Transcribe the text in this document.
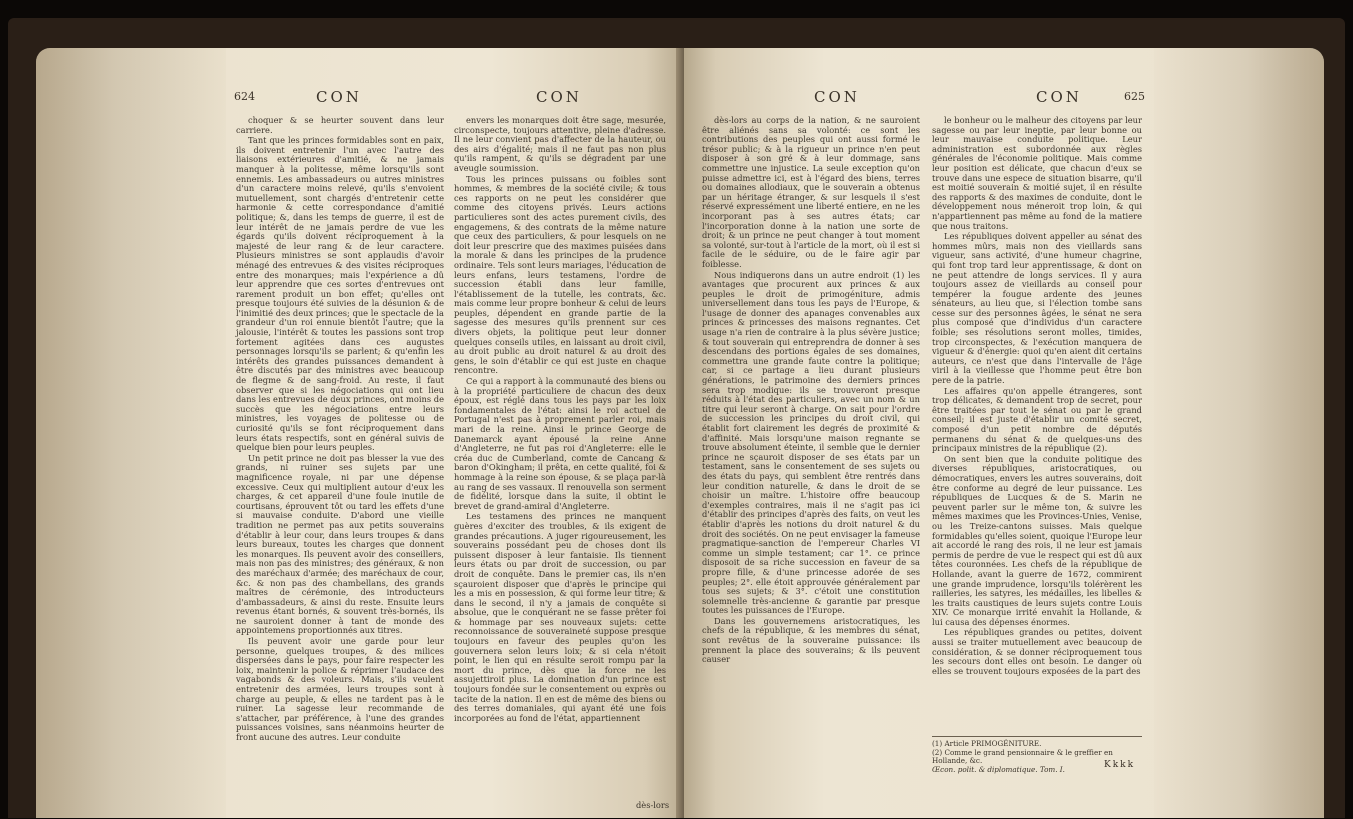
624	CON	CON

choquer & se heurter souvent dans leur carriere.

Tant que les princes formidables sont en paix, ils doivent entretenir l'un avec l'autre des liaisons extérieures d'amitié, & ne jamais manquer à la politesse, même lorsqu'ils sont ennemis. Les ambassadeurs ou autres ministres d'un caractere moins relevé, qu'ils s'envoient mutuellement, sont chargés d'entretenir cette harmonie & cette correspondance d'amitié politique; &, dans les temps de guerre, il est de leur intérêt de ne jamais perdre de vue les égards qu'ils doivent réciproquement à la majesté de leur rang & de leur caractere. Plusieurs ministres se sont applaudis d'avoir ménagé des entrevues & des visites réciproques entre des monarques; mais l'expérience a dû leur apprendre que ces sortes d'entrevues ont rarement produit un bon effet; qu'elles ont presque toujours été suivies de la désunion & de l'inimitié des deux princes; que le spectacle de la grandeur d'un roi ennuie bientôt l'autre; que la jalousie, l'intérêt & toutes les passions sont trop fortement agitées dans ces augustes personnages lorsqu'ils se parlent; & qu'enfin les intérêts des grandes puissances demandent à être discutés par des ministres avec beaucoup de flegme & de sang-froid. Au reste, il faut observer que si les négociations qui ont lieu dans les entrevues de deux princes, ont moins de succès que les négociations entre leurs ministres, les voyages de politesse ou de curiosité qu'ils se font réciproquement dans leurs états respectifs, sont en général suivis de quelque bien pour leurs peuples.

Un petit prince ne doit pas blesser la vue des grands, ni ruiner ses sujets par une magnificence royale, ni par une dépense excessive. Ceux qui multiplient autour d'eux les charges, & cet appareil d'une foule inutile de courtisans, éprouvent tôt ou tard les effets d'une si mauvaise conduite. D'abord une vieille tradition ne permet pas aux petits souverains d'établir à leur cour, dans leurs troupes & dans leurs bureaux, toutes les charges que donnent les monarques. Ils peuvent avoir des conseillers, mais non pas des ministres; des généraux, & non des maréchaux d'armée; des maréchaux de cour, &c. & non pas des chambellans, des grands maîtres de cérémonie, des introducteurs d'ambassadeurs, & ainsi du reste. Ensuite leurs revenus étant bornés, & souvent très-bornés, ils ne sauroient donner à tant de monde des appointemens proportionnés aux titres.

Ils peuvent avoir une garde pour leur personne, quelques troupes, & des milices dispersées dans le pays, pour faire respecter les loix, maintenir la police & réprimer l'audace des vagabonds & des voleurs. Mais, s'ils veulent entretenir des armées, leurs troupes sont à charge au peuple, & elles ne tardent pas à le ruiner. La sagesse leur recommande de s'attacher, par préférence, à l'une des grandes puissances voisines, sans néanmoins heurter de front aucune des autres. Leur conduite

envers les monarques doit être sage, mesurée, circonspecte, toujours attentive, pleine d'adresse. Il ne leur convient pas d'affecter de la hauteur, ou des airs d'égalité; mais il ne faut pas non plus qu'ils rampent, & qu'ils se dégradent par une aveugle soumission.

Tous les princes puissans ou foibles sont hommes, & membres de la société civile; & tous ces rapports on ne peut les considérer que comme des citoyens privés. Leurs actions particulieres sont des actes purement civils, des engagemens, & des contrats de la même nature que ceux des particuliers, & pour lesquels on ne doit leur prescrire que des maximes puisées dans la morale & dans les principes de la prudence ordinaire. Tels sont leurs mariages, l'éducation de leurs enfans, leurs testamens, l'ordre de succession établi dans leur famille, l'établissement de la tutelle, les contrats, &c. mais comme leur propre bonheur & celui de leurs peuples, dépendent en grande partie de la sagesse des mesures qu'ils prennent sur ces divers objets, la politique peut leur donner quelques conseils utiles, en laissant au droit civil, au droit public au droit naturel & au droit des gens, le soin d'établir ce qui est juste en chaque rencontre.

Ce qui a rapport à la communauté des biens ou à la propriété particuliere de chacun des deux époux, est réglé dans tous les pays par les loix fondamentales de l'état: ainsi le roi actuel de Portugal n'est pas à proprement parler roi, mais mari de la reine. Ainsi le prince George de Danemarck ayant épousé la reine Anne d'Angleterre, ne fut pas roi d'Angleterre: elle le créa duc de Cumberland, comte de Cancang & baron d'Okingham; il prêta, en cette qualité, foi & hommage à la reine son épouse, & se plaça par-là au rang de ses vassaux. Il renouvella son serment de fidélité, lorsque dans la suite, il obtint le brevet de grand-amiral d'Angleterre.

Les testamens des princes ne manquent guères d'exciter des troubles, & ils exigent de grandes précautions. A juger rigoureusement, les souverains possédant peu de choses dont ils puissent disposer à leur fantaisie. Ils tiennent leurs états ou par droit de succession, ou par droit de conquête. Dans le premier cas, ils n'en sçauroient disposer que d'après le principe qui les a mis en possession, & qui forme leur titre; & dans le second, il n'y a jamais de conquête si absolue, que le conquérant ne se fasse prêter foi & hommage par ses nouveaux sujets: cette reconnoissance de souveraineté suppose presque toujours en faveur des peuples qu'on les gouvernera selon leurs loix; & si cela n'étoit point, le lien qui en résulte seroit rompu par la mort du prince, dès que la force ne les assujettiroit plus. La domination d'un prince est toujours fondée sur le consentement ou exprès ou tacite de la nation. Il en est de même des biens ou des terres domaniales, qui ayant été une fois incorporées au fond de l'état, appartiennent

dès-lors
CON	CON	625

dès-lors au corps de la nation, & ne sauroient être aliénés sans sa volonté: ce sont les contributions des peuples qui ont aussi formé le trésor public; & à la rigueur un prince n'en peut disposer à son gré & à leur dommage, sans commettre une injustice. La seule exception qu'on puisse admettre ici, est à l'égard des biens, terres ou domaines allodiaux, que le souverain a obtenus par un héritage étranger, & sur lesquels il s'est réservé expressément une liberté entiere, en ne les incorporant pas à ses autres états; car l'incorporation donne à la nation une sorte de droit; & un prince ne peut changer à tout moment sa volonté, sur-tout à l'article de la mort, où il est si facile de le séduire, ou de le faire agir par foiblesse.

Nous indiquerons dans un autre endroit (1) les avantages que procurent aux princes & aux peuples le droit de primogéniture, admis universellement dans tous les pays de l'Europe, & l'usage de donner des apanages convenables aux princes & princesses des maisons regnantes. Cet usage n'a rien de contraire à la plus sévère justice; & tout souverain qui entreprendra de donner à ses descendans des portions égales de ses domaines, commettra une grande faute contre la politique; car, si ce partage a lieu durant plusieurs générations, le patrimoine des derniers princes sera trop modique: ils se trouveront presque réduits à l'état des particuliers, avec un nom & un titre qui leur seront à charge. On sait pour l'ordre de succession les principes du droit civil, qui établit fort clairement les degrés de proximité & d'affinité. Mais lorsqu'une maison regnante se trouve absolument éteinte, il semble que le dernier prince ne sçauroit disposer de ses états par un testament, sans le consentement de ses sujets ou des états du pays, qui semblent être rentrés dans leur condition naturelle, & dans le droit de se choisir un maître. L'histoire offre beaucoup d'exemples contraires, mais il ne s'agit pas ici d'établir des principes d'après des faits, on veut les établir d'après les notions du droit naturel & du droit des sociétés. On ne peut envisager la fameuse pragmatique-sanction de l'empereur Charles VI comme un simple testament; car 1°. ce prince disposoit de sa riche succession en faveur de sa propre fille, & d'une princesse adorée de ses peuples; 2°. elle étoit approuvée généralement par tous ses sujets; & 3°. c'étoit une constitution solemnelle très-ancienne & garantie par presque toutes les puissances de l'Europe.

Dans les gouvernemens aristocratiques, les chefs de la république, & les membres du sénat, sont revêtus de la souveraine puissance: ils prennent la place des souverains; & ils peuvent causer

le bonheur ou le malheur des citoyens par leur sagesse ou par leur ineptie, par leur bonne ou leur mauvaise conduite politique. Leur administration est subordonnée aux règles générales de l'économie politique. Mais comme leur position est délicate, que chacun d'eux se trouve dans une espece de situation bisarre, qu'il est moitié souverain & moitié sujet, il en résulte des rapports & des maximes de conduite, dont le développement nous méneroit trop loin, & qui n'appartiennent pas même au fond de la matiere que nous traitons.

Les républiques doivent appeller au sénat des hommes mûrs, mais non des vieillards sans vigueur, sans activité, d'une humeur chagrine, qui font trop tard leur apprentissage, & dont on ne peut attendre de longs services. Il y aura toujours assez de vieillards au conseil pour tempérer la fougue ardente des jeunes sénateurs, au lieu que, si l'élection tombe sans cesse sur des personnes âgées, le sénat ne sera plus composé que d'individus d'un caractere foible; ses résolutions seront molles, timides, trop circonspectes, & l'exécution manquera de vigueur & d'énergie: quoi qu'en aient dit certains auteurs, ce n'est que dans l'intervalle de l'âge viril à la vieillesse que l'homme peut être bon pere de la patrie.

Les affaires qu'on appelle étrangeres, sont trop délicates, & demandent trop de secret, pour être traitées par tout le sénat ou par le grand conseil; il est juste d'établir un comité secret, composé d'un petit nombre de députés permanens du sénat & de quelques-uns des principaux ministres de la république (2).

On sent bien que la conduite politique des diverses républiques, aristocratiques, ou démocratiques, envers les autres souverains, doit être conforme au degré de leur puissance. Les républiques de Lucques & de S. Marin ne peuvent parler sur le même ton, & suivre les mêmes maximes que les Provinces-Unies, Venise, ou les Treize-cantons suisses. Mais quelque formidables qu'elles soient, quoique l'Europe leur ait accordé le rang des rois, il ne leur est jamais permis de perdre de vue le respect qui est dû aux têtes couronnées. Les chefs de la république de Hollande, avant la guerre de 1672, commirent une grande imprudence, lorsqu'ils tolérèrent les railleries, les satyres, les médailles, les libelles & les traits caustiques de leurs sujets contre Louis XIV. Ce monarque irrité envahit la Hollande, & lui causa des dépenses énormes.

Les républiques grandes ou petites, doivent aussi se traiter mutuellement avec beaucoup de considération, & se donner réciproquement tous les secours dont elles ont besoin. Le danger où elles se trouvent toujours exposées de la part des

(1) Article PRIMOGÉNITURE.
(2) Comme le grand pensionnaire & le greffier en Hollande, &c.
Œcon. polit. & diplomatique. Tom. I.	Kkkk
